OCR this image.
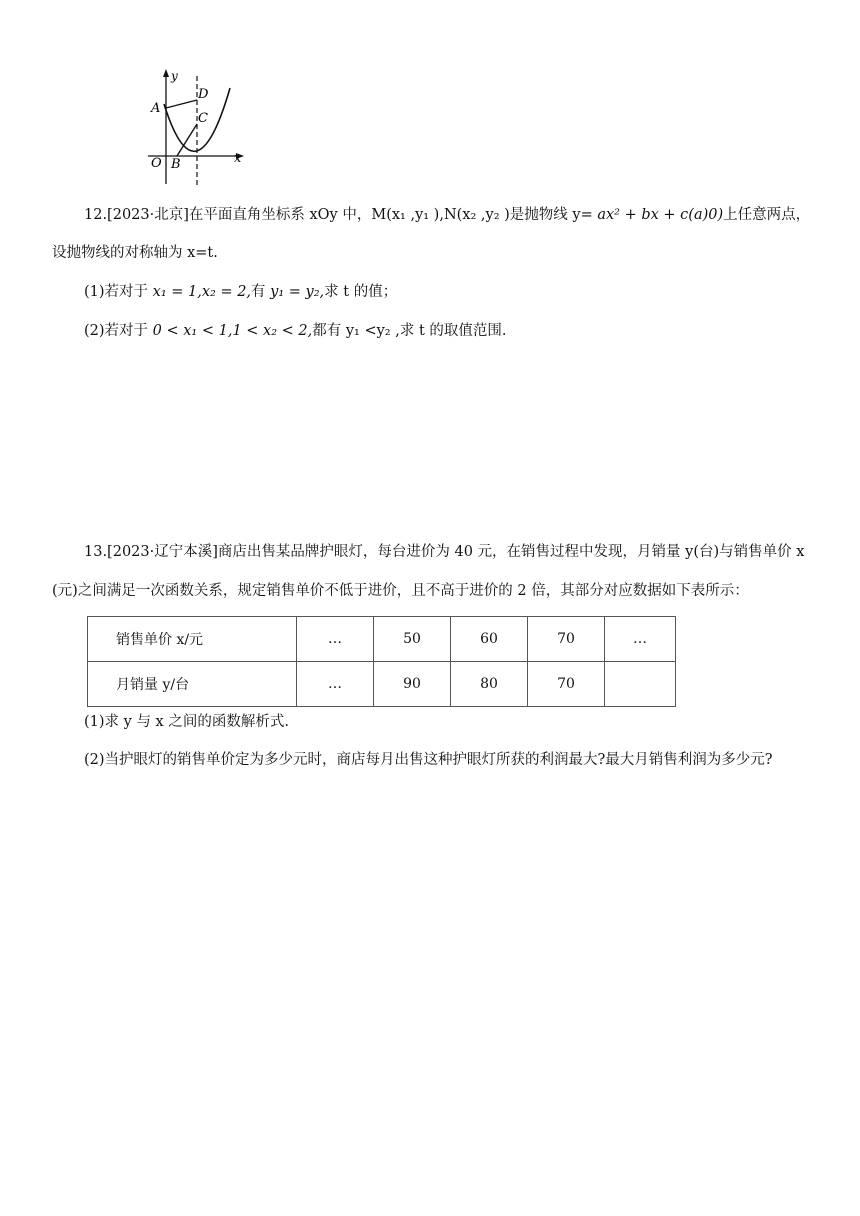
y
A
D
C
O B	x
12.[2023·北京]在平面直角坐标系 xOy 中，M(x₁ ,y₁ ),N(x₂ ,y₂ )是抛物线 y= ax² + bx + c(a)0)上任意两点，
设抛物线的对称轴为 x=t.
(1)若对于 x₁ = 1,x₂ = 2,有 y₁ = y₂,求 t 的值；
(2)若对于 0 < x₁ < 1,1 < x₂ < 2,都有 y₁ <y₂ ,求 t 的取值范围.
13.[2023·辽宁本溪]商店出售某品牌护眼灯，每台进价为 40 元，在销售过程中发现，月销量 y(台)与销售单价 x
(元)之间满足一次函数关系，规定销售单价不低于进价，且不高于进价的 2 倍，其部分对应数据如下表所示：
销售单价 x/元	…	50	60	70	…
月销量 y/台	…	90	80	70	
(1)求 y 与 x 之间的函数解析式.
(2)当护眼灯的销售单价定为多少元时，商店每月出售这种护眼灯所获的利润最大?最大月销售利润为多少元?
